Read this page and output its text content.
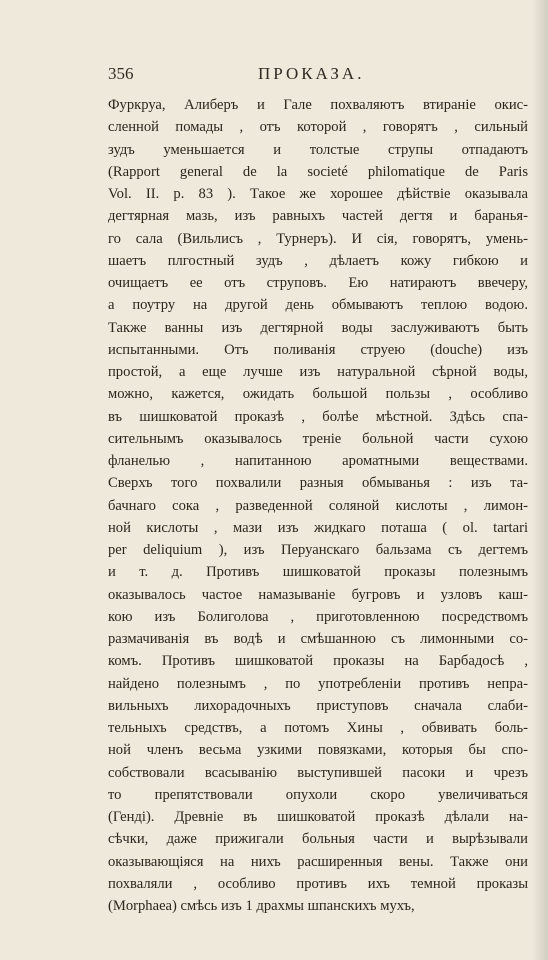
356	ПРОКАЗА.
Фуркруа, Алиберъ и Гале похваляютъ втиранiе окис-
сленной помады , отъ которой , говорятъ , сильный
зудъ уменьшается и толстые струпы отпадаютъ
(Rapport general de la societé philomatique de Paris
Vol. II. p. 83 ). Такое же хорошее дѣйствiе оказывала
дегтярная мазь, изъ равныхъ частей дегтя и баранья-
го сала (Вильлисъ , Турнеръ). И сiя, говорятъ, умень-
шаетъ плгостный зудъ , дѣлаетъ кожу гибкою и
очищаетъ ее отъ струповъ. Ею натираютъ ввечеру,
а поутру на другой день обмываютъ теплою водою.
Также ванны изъ дегтярной воды заслуживаютъ быть
испытанными. Отъ поливанiя струею (douche) изъ
простой, а еще лучше изъ натуральной сѣрной воды,
можно, кажется, ожидать большой пользы , особливо
въ шишковатой проказѣ , болѣе мѣстной. Здѣсь спа-
сительнымъ оказывалось тренiе больной части сухою
фланелью , напитанною ароматными веществами.
Сверхъ того похвалили разныя обмыванья : изъ та-
бачнаго сока , разведенной соляной кислоты , лимон-
ной кислоты , мази изъ жидкаго поташа ( ol. tartari
per deliquium ), изъ Перуанскаго бальзама съ дегтемъ
и т. д. Противъ шишковатой проказы полезнымъ
оказывалось частое намазыванiе бугровъ и узловъ каш-
кою изъ Болиголова , приготовленною посредствомъ
размачиванiя въ водѣ и смѣшанною съ лимонными со-
комъ. Противъ шишковатой проказы на Барбадосѣ ,
найдено полезнымъ , по употребленiи противъ непра-
вильныхъ лихорадочныхъ приступовъ сначала слаби-
тельныхъ средствъ, а потомъ Хины , обвивать боль-
ной членъ весьма узкими повязками, которыя бы спо-
собствовали всасыванiю выступившей пасоки и чрезъ
то препятствовали опухоли скоро увеличиваться
(Гендi). Древнiе въ шишковатой проказѣ дѣлали на-
сѣчки, даже прижигали больныя части и вырѣзывали
оказывающiяся на нихъ расширенныя вены. Также они
похваляли , особливо противъ ихъ темной проказы
(Morphaea) смѣсь изъ 1 драхмы шпанскихъ мухъ,
